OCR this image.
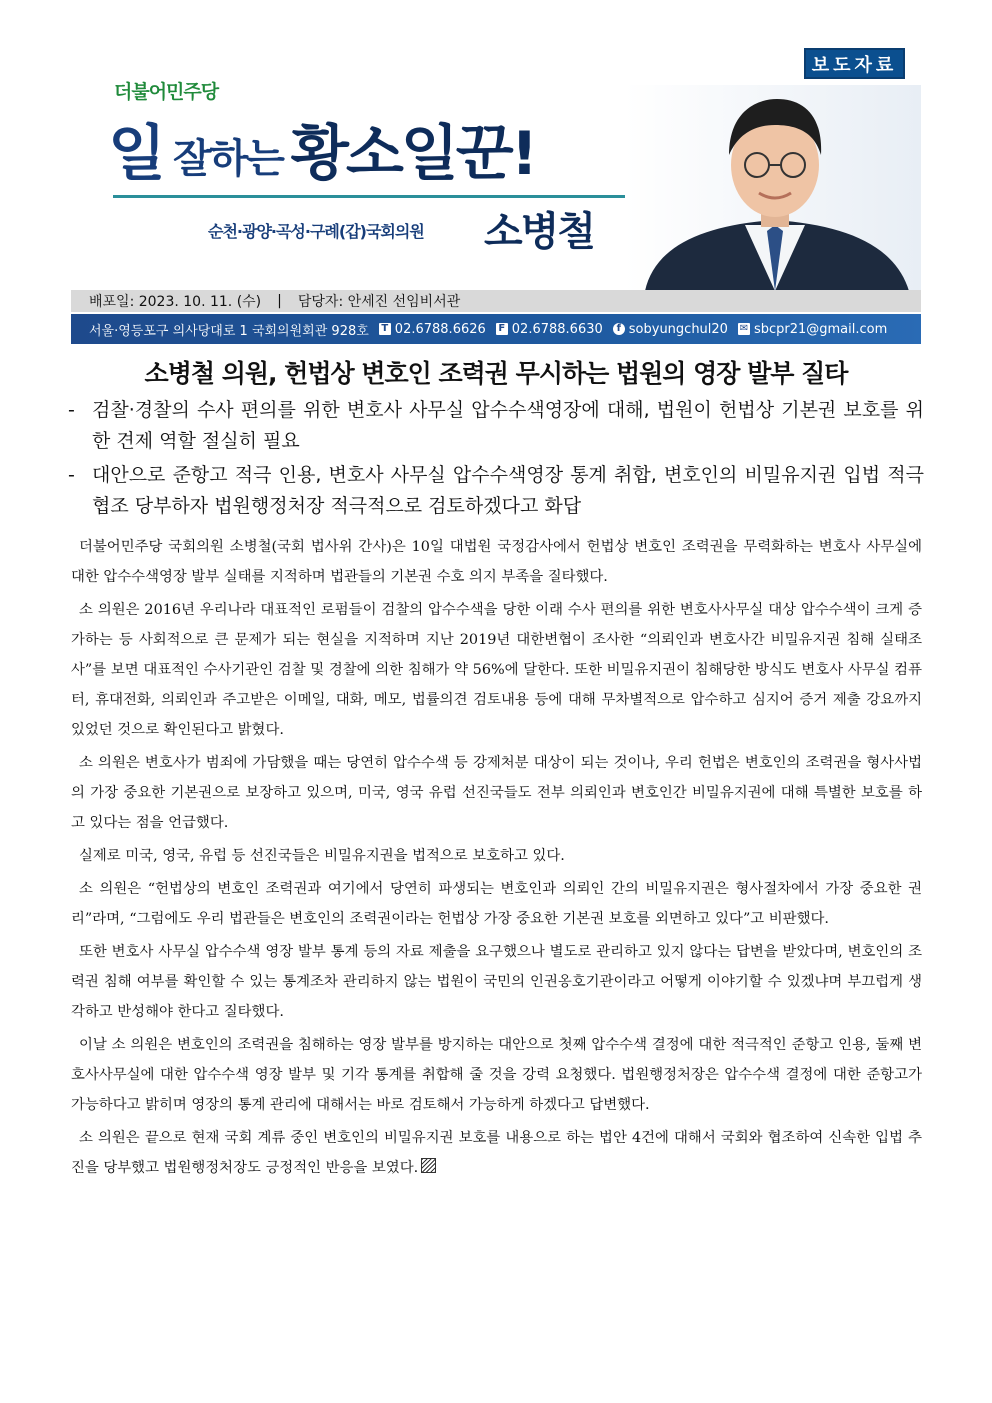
보도자료
더불어민주당
일 잘하는 황소일꾼!
순천·광양·곡성·구례(갑)국회의원 소병철
배포일: 2023. 10. 11. (수) | 담당자: 안세진 선임비서관
서울·영등포구 의사당대로 1 국회의원회관 928호 T 02.6788.6626 F 02.6788.6630	f sobyungchul20 ✉ sbcpr21@gmail.com
소병철 의원, 헌법상 변호인 조력권 무시하는 법원의 영장 발부 질타
- 검찰·경찰의 수사 편의를 위한 변호사 사무실 압수수색영장에 대해, 법원이 헌법상 기본권 보호를 위한 견제 역할 절실히 필요
- 대안으로 준항고 적극 인용, 변호사 사무실 압수수색영장 통계 취합, 변호인의 비밀유지권 입법 적극 협조 당부하자 법원행정처장 적극적으로 검토하겠다고 화답

더불어민주당 국회의원 소병철(국회 법사위 간사)은 10일 대법원 국정감사에서 헌법상 변호인 조력권을 무력화하는 변호사 사무실에 대한 압수수색영장 발부 실태를 지적하며 법관들의 기본권 수호 의지 부족을 질타했다.

소 의원은 2016년 우리나라 대표적인 로펌들이 검찰의 압수수색을 당한 이래 수사 편의를 위한 변호사사무실 대상 압수수색이 크게 증가하는 등 사회적으로 큰 문제가 되는 현실을 지적하며 지난 2019년 대한변협이 조사한 “의뢰인과 변호사간 비밀유지권 침해 실태조사”를 보면 대표적인 수사기관인 검찰 및 경찰에 의한 침해가 약 56%에 달한다. 또한 비밀유지권이 침해당한 방식도 변호사 사무실 컴퓨터, 휴대전화, 의뢰인과 주고받은 이메일, 대화, 메모, 법률의견 검토내용 등에 대해 무차별적으로 압수하고 심지어 증거 제출 강요까지 있었던 것으로 확인된다고 밝혔다.

소 의원은 변호사가 범죄에 가담했을 때는 당연히 압수수색 등 강제처분 대상이 되는 것이나, 우리 헌법은 변호인의 조력권을 형사사법의 가장 중요한 기본권으로 보장하고 있으며, 미국, 영국 유럽 선진국들도 전부 의뢰인과 변호인간 비밀유지권에 대해 특별한 보호를 하고 있다는 점을 언급했다.

실제로 미국, 영국, 유럽 등 선진국들은 비밀유지권을 법적으로 보호하고 있다.

소 의원은 “헌법상의 변호인 조력권과 여기에서 당연히 파생되는 변호인과 의뢰인 간의 비밀유지권은 형사절차에서 가장 중요한 권리”라며, “그럼에도 우리 법관들은 변호인의 조력권이라는 헌법상 가장 중요한 기본권 보호를 외면하고 있다”고 비판했다.

또한 변호사 사무실 압수수색 영장 발부 통계 등의 자료 제출을 요구했으나 별도로 관리하고 있지 않다는 답변을 받았다며, 변호인의 조력권 침해 여부를 확인할 수 있는 통계조차 관리하지 않는 법원이 국민의 인권옹호기관이라고 어떻게 이야기할 수 있겠냐며 부끄럽게 생각하고 반성해야 한다고 질타했다.

이날 소 의원은 변호인의 조력권을 침해하는 영장 발부를 방지하는 대안으로 첫째 압수수색 결정에 대한 적극적인 준항고 인용, 둘째 변호사사무실에 대한 압수수색 영장 발부 및 기각 통계를 취합해 줄 것을 강력 요청했다. 법원행정처장은 압수수색 결정에 대한 준항고가 가능하다고 밝히며 영장의 통계 관리에 대해서는 바로 검토해서 가능하게 하겠다고 답변했다.

소 의원은 끝으로 현재 국회 계류 중인 변호인의 비밀유지권 보호를 내용으로 하는 법안 4건에 대해서 국회와 협조하여 신속한 입법 추진을 당부했고 법원행정처장도 긍정적인 반응을 보였다.
